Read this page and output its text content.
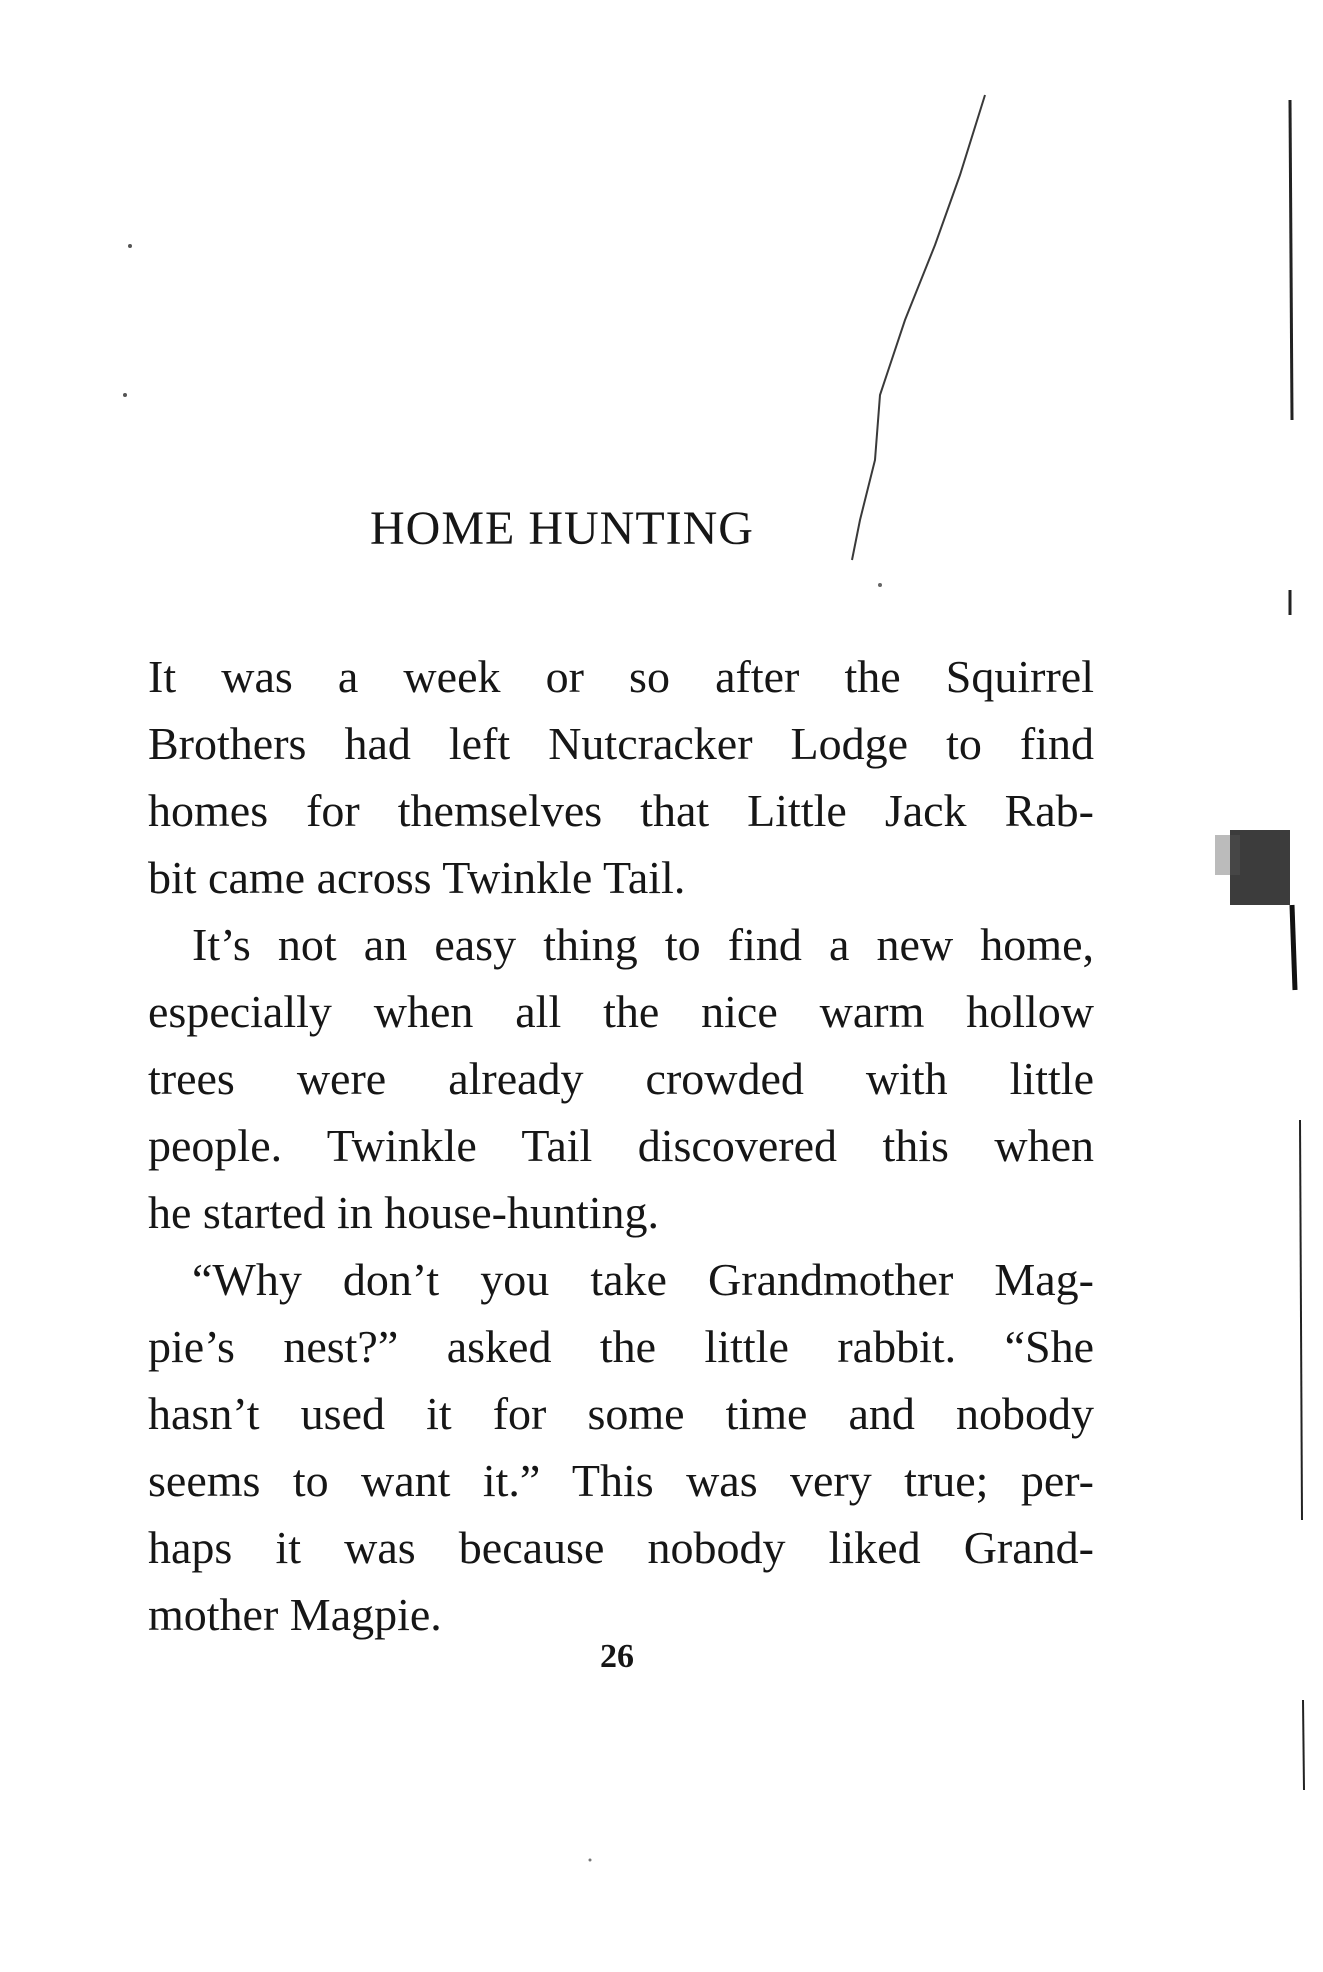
HOME HUNTING
It was a week or so after the Squirrel
Brothers had left Nutcracker Lodge to find
homes for themselves that Little Jack Rab-
bit came across Twinkle Tail.
It’s not an easy thing to find a new home,
especially when all the nice warm hollow
trees were already crowded with little
people. Twinkle Tail discovered this when
he started in house-hunting.
“Why don’t you take Grandmother Mag-
pie’s nest?” asked the little rabbit. “She
hasn’t used it for some time and nobody
seems to want it.” This was very true; per-
haps it was because nobody liked Grand-
mother Magpie.
26
